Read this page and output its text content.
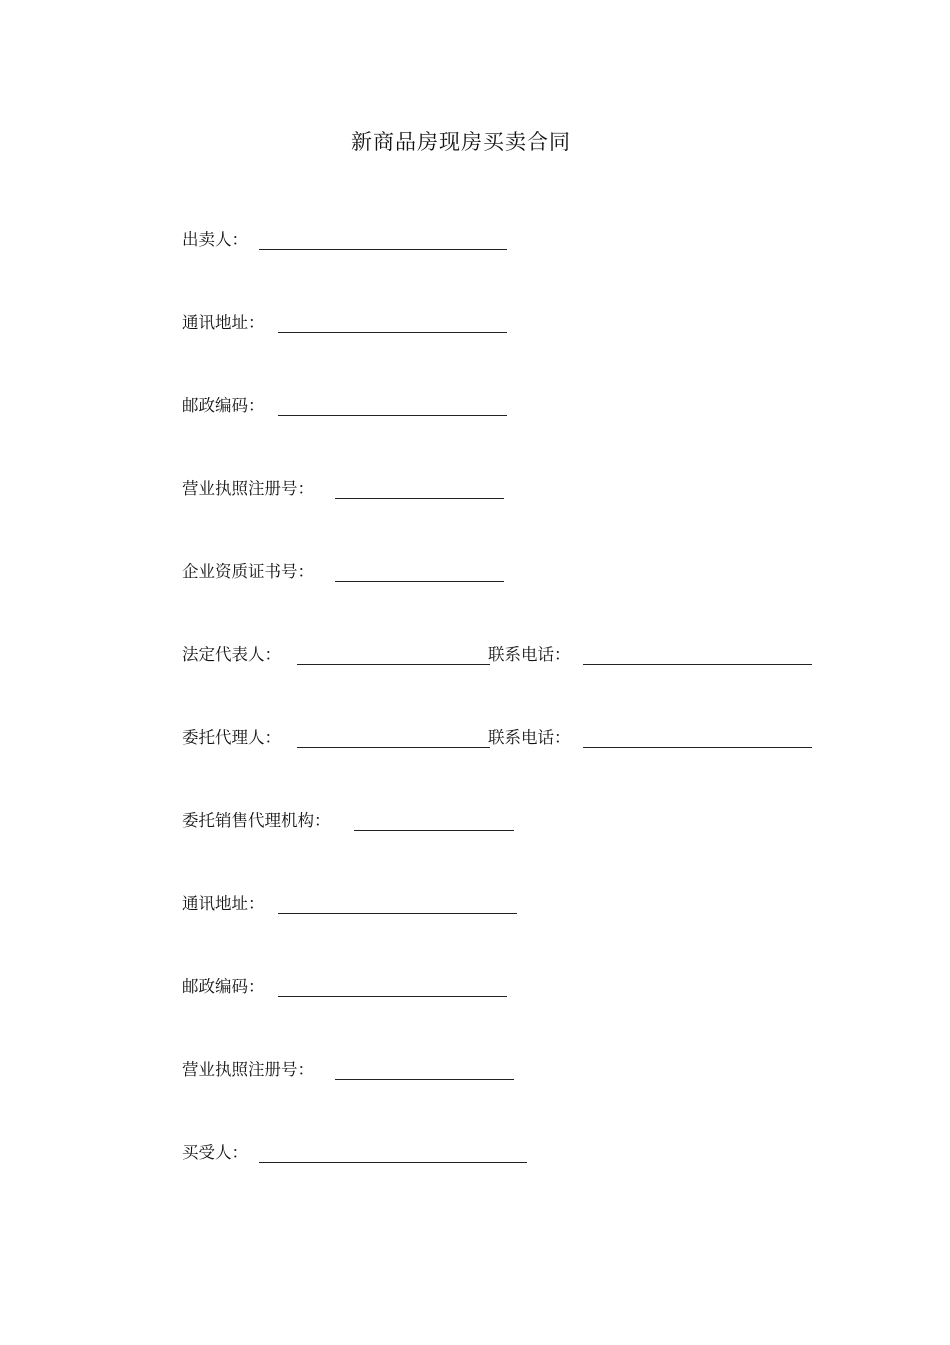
新商品房现房买卖合同
出卖人：
通讯地址：
邮政编码：
营业执照注册号：
企业资质证书号：
法定代表人：	联系电话：
委托代理人：	联系电话：
委托销售代理机构：
通讯地址：
邮政编码：
营业执照注册号：
买受人：
